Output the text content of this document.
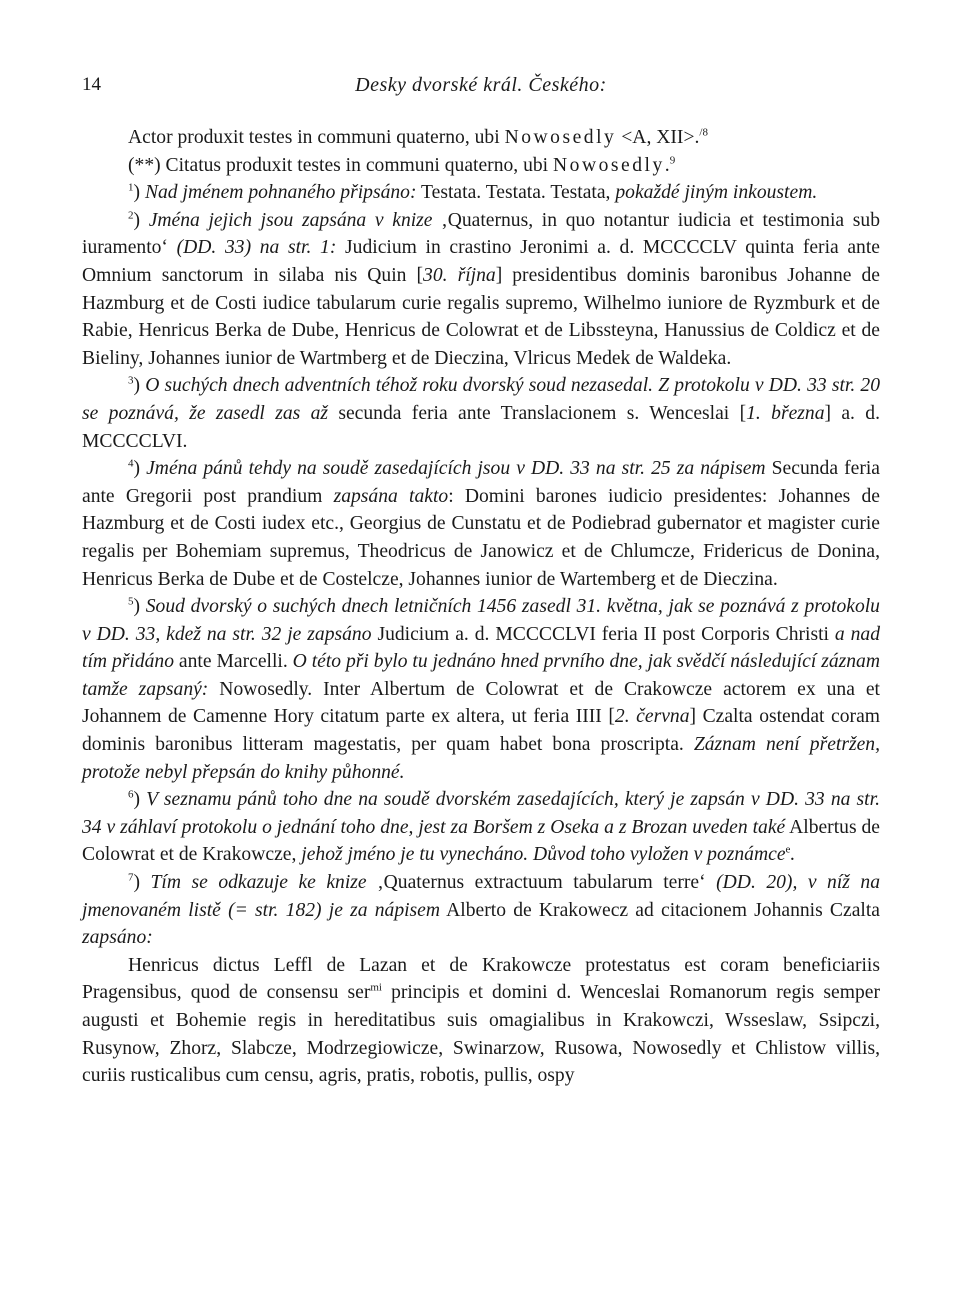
14	Desky dvorské král. Českého:

Actor produxit testes in communi quaterno, ubi Nowosedly <A, XII>.$^{/8}$

(**) Citatus produxit testes in communi quaterno, ubi Nowosedly.$^9$

$^1$) Nad jménem pohnaného připsáno: Testata. Testata. Testata, pokaždé jiným inkoustem.

$^2$) Jména jejich jsou zapsána v knize ‚Quaternus, in quo notantur iudicia et testimonia sub iuramento‘ (DD. 33) na str. 1: Judicium in crastino Jeronimi a. d. MCCCCLV quinta feria ante Omnium sanctorum in silaba nis Quin [30. října] presidentibus dominis baronibus Johanne de Hazmburg et de Costi iudice tabularum curie regalis supremo, Wilhelmo iuniore de Ryzmburk et de Rabie, Henricus Berka de Dube, Henricus de Colowrat et de Libssteyna, Hanussius de Coldicz et de Bieliny, Johannes iunior de Wartmberg et de Dieczina, Vlricus Medek de Waldeka.

$^3$) O suchých dnech adventních téhož roku dvorský soud nezasedal. Z protokolu v DD. 33 str. 20 se poznává, že zasedl zas až secunda feria ante Translacionem s. Wenceslai [1. března] a. d. MCCCCLVI.

$^4$) Jména pánů tehdy na soudě zasedajících jsou v DD. 33 na str. 25 za nápisem Secunda feria ante Gregorii post prandium zapsána takto: Domini barones iudicio presidentes: Johannes de Hazmburg et de Costi iudex etc., Georgius de Cunstatu et de Podiebrad gubernator et magister curie regalis per Bohemiam supremus, Theodricus de Janowicz et de Chlumcze, Fridericus de Donina, Henricus Berka de Dube et de Costelcze, Johannes iunior de Wartemberg et de Dieczina.

$^5$) Soud dvorský o suchých dnech letničních 1456 zasedl 31. května, jak se poznává z protokolu v DD. 33, kdež na str. 32 je zapsáno Judicium a. d. MCCCCLVI feria II post Corporis Christi a nad tím přidáno ante Marcelli. O této při bylo tu jednáno hned prvního dne, jak svědčí následující záznam tamže zapsaný: Nowosedly. Inter Albertum de Colowrat et de Crakowcze actorem ex una et Johannem de Camenne Hory citatum parte ex altera, ut feria IIII [2. června] Czalta ostendat coram dominis baronibus litteram magestatis, per quam habet bona proscripta. Záznam není přetržen, protože nebyl přepsán do knihy půhonné.

$^6$) V seznamu pánů toho dne na soudě dvorském zasedajících, který je zapsán v DD. 33 na str. 34 v záhlaví protokolu o jednání toho dne, jest za Boršem z Oseka a z Brozan uveden také Albertus de Colowrat et de Krakowcze, jehož jméno je tu vynecháno. Důvod toho vyložen v poznámce$^e$.

$^7$) Tím se odkazuje ke knize ‚Quaternus extractuum tabularum terre‘ (DD. 20), v níž na jmenovaném listě (= str. 182) je za nápisem Alberto de Krakowecz ad citacionem Johannis Czalta zapsáno:

Henricus dictus Leffl de Lazan et de Krakowcze protestatus est coram beneficiariis Pragensibus, quod de consensu ser$^{mi}$ principis et domini d. Wenceslai Romanorum regis semper augusti et Bohemie regis in hereditatibus suis omagialibus in Krakowczi, Wsseslaw, Ssipczi, Rusynow, Zhorz, Slabcze, Modrzegiowicze, Swinarzow, Rusowa, Nowosedly et Chlistow villis, curiis rusticalibus cum censu, agris, pratis, robotis, pullis, ospy
